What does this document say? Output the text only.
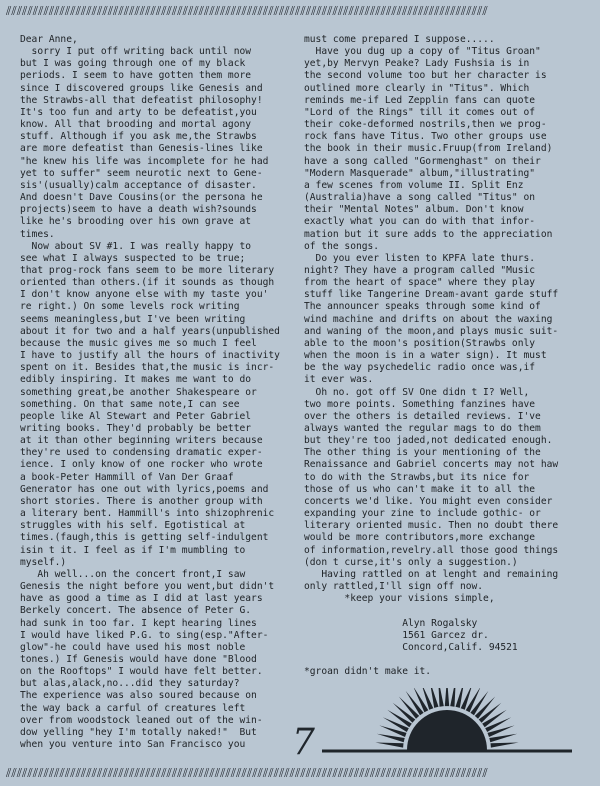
⫽⫽⫽⫽⫽⫽⫽⫽⫽⫽⫽⫽⫽⫽⫽⫽⫽⫽⫽⫽⫽⫽⫽⫽⫽⫽⫽⫽⫽⫽⫽⫽⫽⫽⫽⫽⫽⫽⫽⫽⫽⫽⫽⫽⫽⫽⫽⫽⫽⫽⫽⫽⫽⫽⫽⫽⫽⫽⫽⫽⫽⫽⫽⫽⫽⫽⫽⫽⫽⫽⫽⫽⫽⫽⫽⫽⫽⫽⫽⫽⫽⫽⫽⫽⫽⫽⫽⫽⫽⫽
Dear Anne,
sorry I put off writing back until now
but I was going through one of my black
periods. I seem to have gotten them more
since I discovered groups like Genesis and
the Strawbs-all that defeatist philosophy!
It's too fun and arty to be defeatist,you
know. All that brooding and mortal agony
stuff. Although if you ask me,the Strawbs
are more defeatist than Genesis-lines like
"he knew his life was incomplete for he had
yet to suffer" seem neurotic next to Gene-
sis'(usually)calm acceptance of disaster.
And doesn't Dave Cousins(or the persona he
projects)seem to have a death wish?sounds
like he's brooding over his own grave at
times.
Now about SV #1. I was really happy to
see what I always suspected to be true;
that prog-rock fans seem to be more literary
oriented than others.(if it sounds as though
I don't know anyone else with my taste you'
re right.) On some levels rock writing
seems meaningless,but I've been writing
about it for two and a half years(unpublished
because the music gives me so much I feel
I have to justify all the hours of inactivity
spent on it. Besides that,the music is incr-
edibly inspiring. It makes me want to do
something great,be another Shakespeare or
something. On that same note,I can see
people like Al Stewart and Peter Gabriel
writing books. They'd probably be better
at it than other beginning writers because
they're used to condensing dramatic exper-
ience. I only know of one rocker who wrote
a book-Peter Hammill of Van Der Graaf
Generator has one out with lyrics,poems and
short stories. There is another group with
a literary bent. Hammill's into shizophrenic
struggles with his self. Egotistical at
times.(faugh,this is getting self-indulgent
isin t it. I feel as if I'm mumbling to
myself.)
Ah well...on the concert front,I saw
Genesis the night before you went,but didn't
have as good a time as I did at last years
Berkely concert. The absence of Peter G.
had sunk in too far. I kept hearing lines
I would have liked P.G. to sing(esp."After-
glow"-he could have used his most noble
tones.) If Genesis would have done "Blood
on the Rooftops" I would have felt better.
but alas,alack,no...did they saturday?
The experience was also soured because on
the way back a carful of creatures left
over from woodstock leaned out of the win-
dow yelling "hey I'm totally naked!"  But
when you venture into San Francisco you
must come prepared I suppose.....
Have you dug up a copy of "Titus Groan"
yet,by Mervyn Peake? Lady Fushsia is in
the second volume too but her character is
outlined more clearly in "Titus". Which
reminds me-if Led Zepplin fans can quote
"Lord of the Rings" till it comes out of
their coke-deformed nostrils,then we prog-
rock fans have Titus. Two other groups use
the book in their music.Fruup(from Ireland)
have a song called "Gormenghast" on their
"Modern Masquerade" album,"illustrating"
a few scenes from volume II. Split Enz
(Australia)have a song called "Titus" on
their "Mental Notes" album. Don't know
exactly what you can do with that infor-
mation but it sure adds to the appreciation
of the songs.
Do you ever listen to KPFA late thurs.
night? They have a program called "Music
from the heart of space" where they play
stuff like Tangerine Dream-avant garde stuff
The announcer speaks through some kind of
wind machine and drifts on about the waxing
and waning of the moon,and plays music suit-
able to the moon's position(Strawbs only
when the moon is in a water sign). It must
be the way psychedelic radio once was,if
it ever was.
Oh no. got off SV One didn t I? Well,
two more points. Something fanzines have
over the others is detailed reviews. I've
always wanted the regular mags to do them
but they're too jaded,not dedicated enough.
The other thing is your mentioning of the
Renaissance and Gabriel concerts may not haw
to do with the Strawbs,but its nice for
those of us who can't make it to all the
concerts we'd like. You might even consider
expanding your zine to include gothic- or
literary oriented music. Then no doubt there
would be more contributors,more exchange
of information,revelry.all those good things
(don t curse,it's only a suggestion.)
Having rattled on at lenght and remaining
only rattled,I'll sign off now.
*keep your visions simple,

Alyn Rogalsky
1561 Garcez dr.
Concord,Calif. 94521

*groan didn't make it.
7
⫽⫽⫽⫽⫽⫽⫽⫽⫽⫽⫽⫽⫽⫽⫽⫽⫽⫽⫽⫽⫽⫽⫽⫽⫽⫽⫽⫽⫽⫽⫽⫽⫽⫽⫽⫽⫽⫽⫽⫽⫽⫽⫽⫽⫽⫽⫽⫽⫽⫽⫽⫽⫽⫽⫽⫽⫽⫽⫽⫽⫽⫽⫽⫽⫽⫽⫽⫽⫽⫽⫽⫽⫽⫽⫽⫽⫽⫽⫽⫽⫽⫽⫽⫽⫽⫽⫽⫽⫽⫽
